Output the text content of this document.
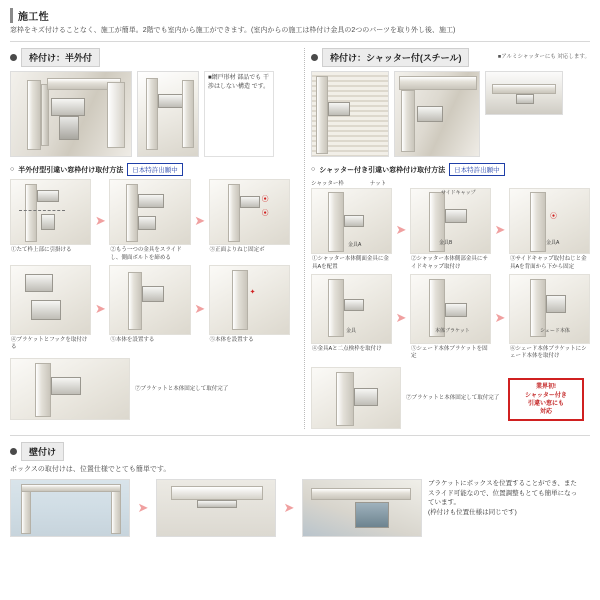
施工性
窓枠をキズ付けることなく、施工が簡単。2階でも室内から施工ができます。(室内からの施工は枠付け金具の2つのパーツを取り外し後、施工)
枠付け：半外付
■網戸形材 部品でも 干渉はしない構造 です。
○ 半外付型引違い窓枠付け取付方法	日本特許出願中
①たて枠上部に引掛ける
➤
②もう一つの金具をスライドし、側面ボルトを締める
➤
⦿
⦿
③正面よりねじ固定ボ
④ブラケットとフックを取付ける
➤
⑤本体を設置する
➤
✦
⑤本体を設置する
⑦ブラケットと本体固定して取付完了
枠付け：シャッター付(スチール)	■アルミシャッターにも 対応します。
業界初!
シャッター付き
引違い窓にも
対応
○ シャッター付き引違い窓枠付け取付方法	日本特許出願中
シャッター枠	ナット
金具A
①シャッター本体側面金具に金具Aを配置
➤
金具B
サイドキャップ
②シャッター本体側部金具にサイドキャップ取付け
➤
⦿
金具A
③サイドキャップ取付ねじと金具Aを背面から下から固定
金具
④金具Aと二点検枠を取付け
➤
本体ブラケット
⑤シェード本体ブラケットを固定
➤
シェード本体
⑥シェード本体ブラケットにシェード本体を取付け
⑦ブラケットと本体固定して取付完了
壁付け
ボックスの取付けは、位置仕様でとても簡単です。
➤	➤
ブラケットにボックスを位置することができ、またスライド可能なので、位置調整もとても簡単になっています。
(枠付けも位置仕様は同じです)
